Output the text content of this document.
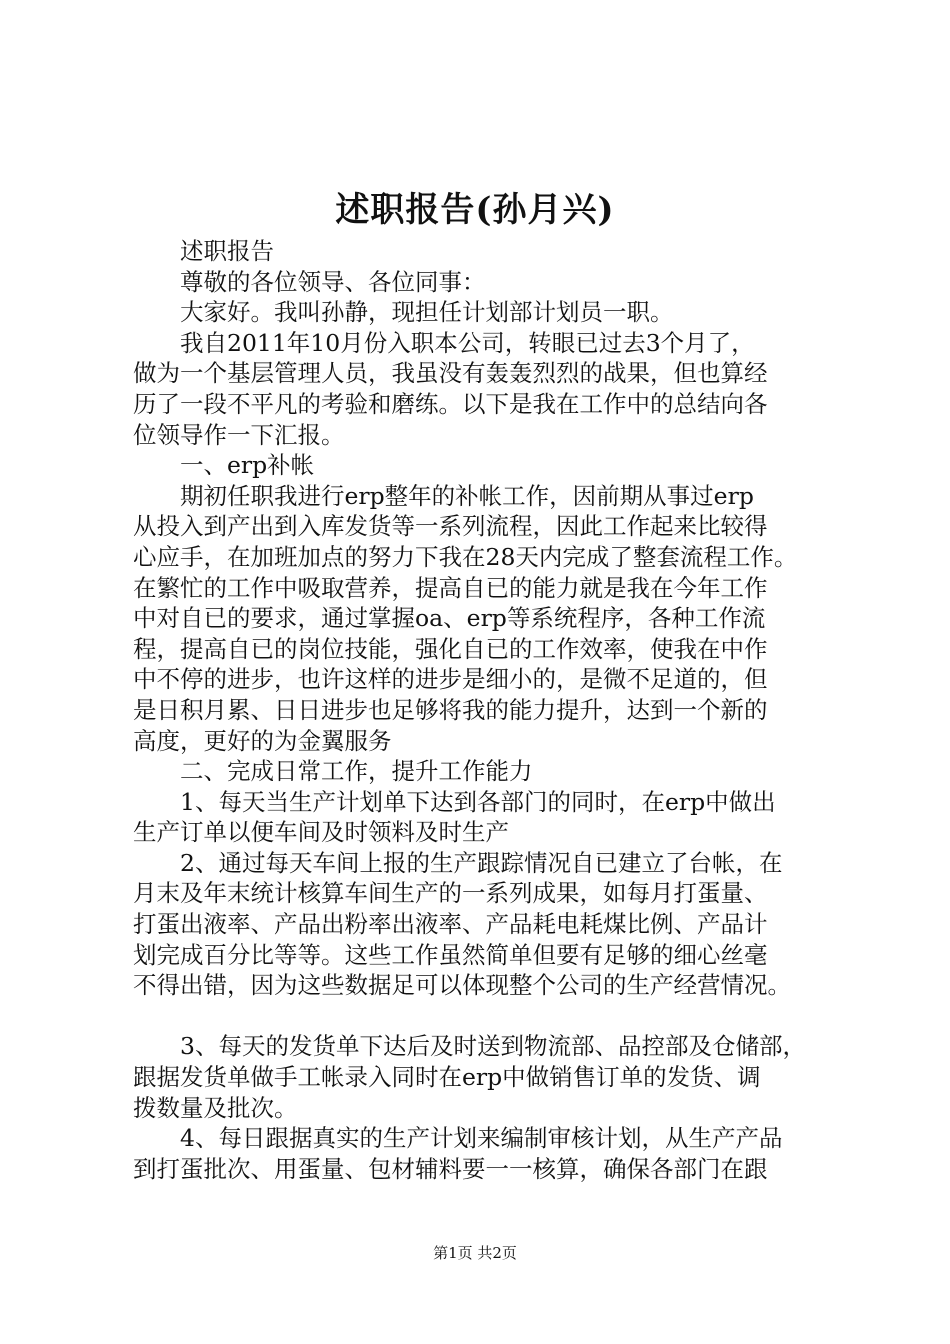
述职报告(孙月兴)
述职报告
尊敬的各位领导、各位同事：
大家好。我叫孙静，现担任计划部计划员一职。
我自2011年10月份入职本公司，转眼已过去3个月了，
做为一个基层管理人员，我虽没有轰轰烈烈的战果，但也算经
历了一段不平凡的考验和磨练。以下是我在工作中的总结向各
位领导作一下汇报。
一、erp补帐
期初任职我进行erp整年的补帐工作，因前期从事过erp
从投入到产出到入库发货等一系列流程，因此工作起来比较得
心应手，在加班加点的努力下我在28天内完成了整套流程工作。
在繁忙的工作中吸取营养，提高自已的能力就是我在今年工作
中对自已的要求，通过掌握oa、erp等系统程序，各种工作流
程，提高自已的岗位技能，强化自已的工作效率，使我在中作
中不停的进步，也许这样的进步是细小的，是微不足道的，但
是日积月累、日日进步也足够将我的能力提升，达到一个新的
高度，更好的为金翼服务
二、完成日常工作，提升工作能力
1、每天当生产计划单下达到各部门的同时，在erp中做出
生产订单以便车间及时领料及时生产
2、通过每天车间上报的生产跟踪情况自已建立了台帐，在
月末及年末统计核算车间生产的一系列成果，如每月打蛋量、
打蛋出液率、产品出粉率出液率、产品耗电耗煤比例、产品计
划完成百分比等等。这些工作虽然简单但要有足够的细心丝毫
不得出错，因为这些数据足可以体现整个公司的生产经营情况。
3、每天的发货单下达后及时送到物流部、品控部及仓储部，
跟据发货单做手工帐录入同时在erp中做销售订单的发货、调
拨数量及批次。
4、每日跟据真实的生产计划来编制审核计划，从生产产品
到打蛋批次、用蛋量、包材辅料要一一核算，确保各部门在跟
第1页 共2页
